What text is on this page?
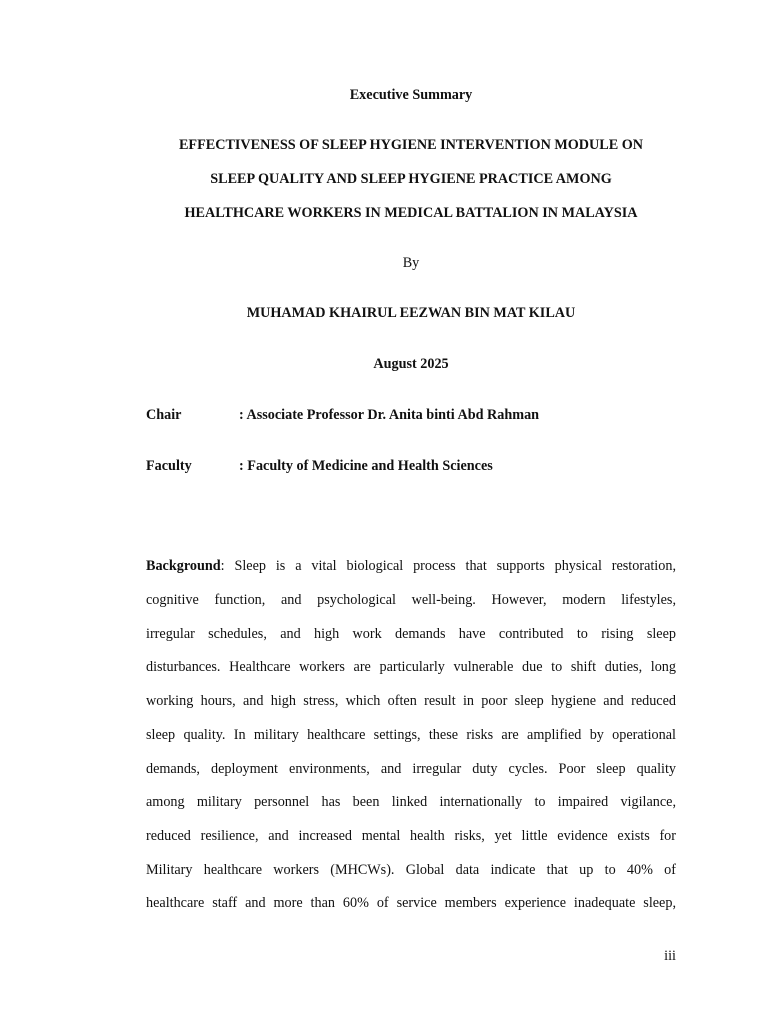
Executive Summary
EFFECTIVENESS OF SLEEP HYGIENE INTERVENTION MODULE ON
SLEEP QUALITY AND SLEEP HYGIENE PRACTICE AMONG
HEALTHCARE WORKERS IN MEDICAL BATTALION IN MALAYSIA
By
MUHAMAD KHAIRUL EEZWAN BIN MAT KILAU
August 2025
Chair	: Associate Professor Dr. Anita binti Abd Rahman
Faculty	: Faculty of Medicine and Health Sciences
Background: Sleep is a vital biological process that supports physical restoration,
cognitive function, and psychological well-being. However, modern lifestyles,
irregular schedules, and high work demands have contributed to rising sleep
disturbances. Healthcare workers are particularly vulnerable due to shift duties, long
working hours, and high stress, which often result in poor sleep hygiene and reduced
sleep quality. In military healthcare settings, these risks are amplified by operational
demands, deployment environments, and irregular duty cycles. Poor sleep quality
among military personnel has been linked internationally to impaired vigilance,
reduced resilience, and increased mental health risks, yet little evidence exists for
Military healthcare workers (MHCWs). Global data indicate that up to 40% of
healthcare staff and more than 60% of service members experience inadequate sleep,
iii
